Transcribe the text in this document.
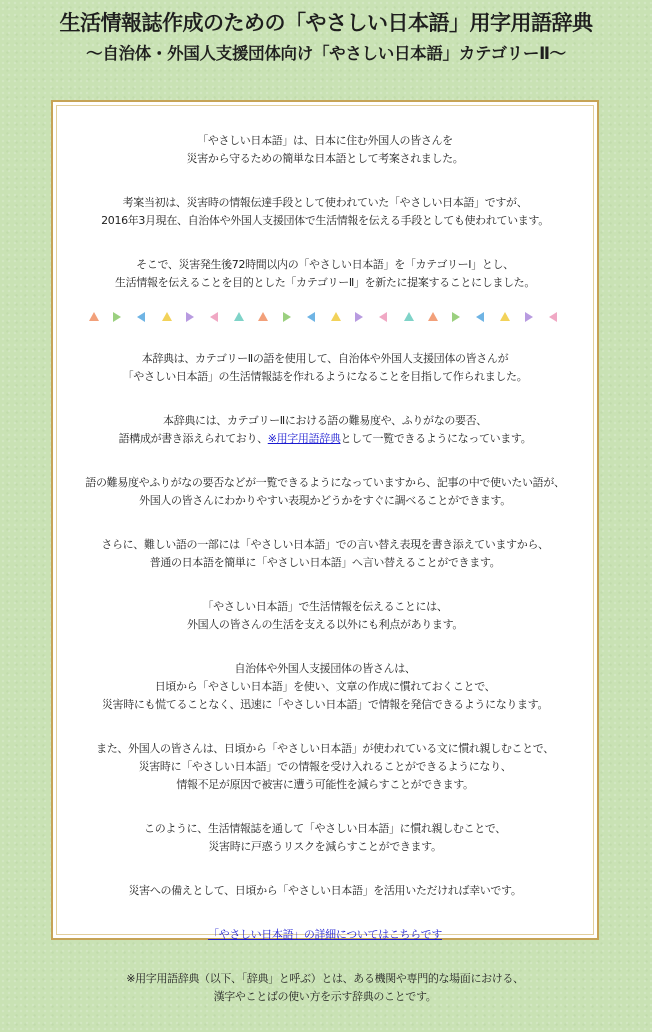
生活情報誌作成のための「やさしい日本語」用字用語辞典
〜自治体・外国人支援団体向け「やさしい日本語」カテゴリーⅡ〜
「やさしい日本語」は、日本に住む外国人の皆さんを
災害から守るための簡単な日本語として考案されました。
考案当初は、災害時の情報伝達手段として使われていた「やさしい日本語」ですが、
2016年3月現在、自治体や外国人支援団体で生活情報を伝える手段としても使われています。
そこで、災害発生後72時間以内の「やさしい日本語」を「カテゴリーⅠ」とし、
生活情報を伝えることを目的とした「カテゴリーⅡ」を新たに提案することにしました。
本辞典は、カテゴリーⅡの語を使用して、自治体や外国人支援団体の皆さんが
「やさしい日本語」の生活情報誌を作れるようになることを目指して作られました。
本辞典には、カテゴリーⅡにおける語の難易度や、ふりがなの要否、
語構成が書き添えられており、※用字用語辞典として一覧できるようになっています。
語の難易度やふりがなの要否などが一覧できるようになっていますから、記事の中で使いたい語が、
外国人の皆さんにわかりやすい表現かどうかをすぐに調べることができます。
さらに、難しい語の一部には「やさしい日本語」での言い替え表現を書き添えていますから、
普通の日本語を簡単に「やさしい日本語」へ言い替えることができます。
「やさしい日本語」で生活情報を伝えることには、
外国人の皆さんの生活を支える以外にも利点があります。
自治体や外国人支援団体の皆さんは、
日頃から「やさしい日本語」を使い、文章の作成に慣れておくことで、
災害時にも慌てることなく、迅速に「やさしい日本語」で情報を発信できるようになります。
また、外国人の皆さんは、日頃から「やさしい日本語」が使われている文に慣れ親しむことで、
災害時に「やさしい日本語」での情報を受け入れることができるようになり、
情報不足が原因で被害に遭う可能性を減らすことができます。
このように、生活情報誌を通して「やさしい日本語」に慣れ親しむことで、
災害時に戸惑うリスクを減らすことができます。
災害への備えとして、日頃から「やさしい日本語」を活用いただければ幸いです。
「やさしい日本語」の詳細についてはこちらです
※用字用語辞典（以下、「辞典」と呼ぶ）とは、ある機関や専門的な場面における、
漢字やことばの使い方を示す辞典のことです。
